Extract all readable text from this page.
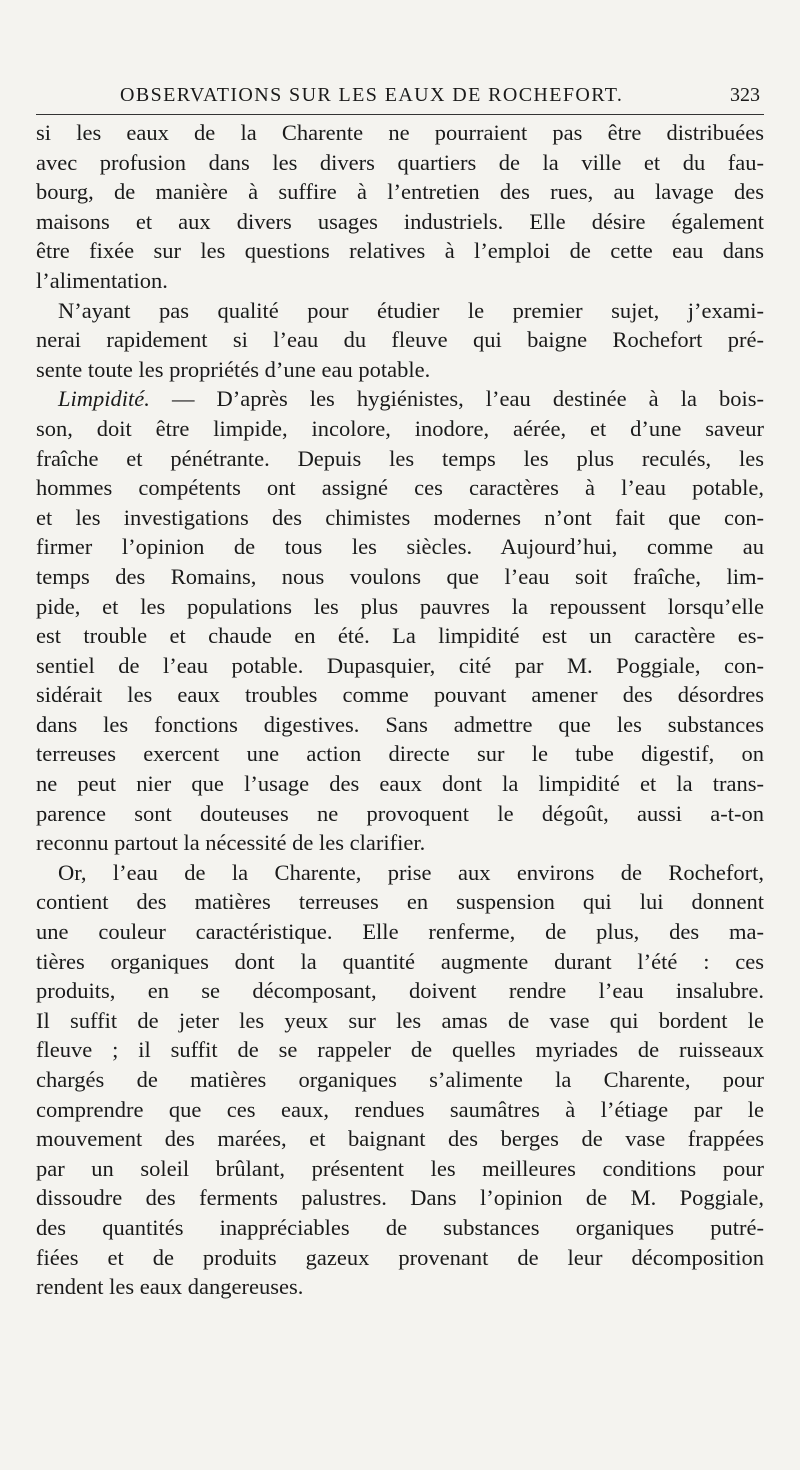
OBSERVATIONS SUR LES EAUX DE ROCHEFORT.	323
si les eaux de la Charente ne pourraient pas être distribuées
avec profusion dans les divers quartiers de la ville et du fau-
bourg, de manière à suffire à l’entretien des rues, au lavage des
maisons et aux divers usages industriels. Elle désire également
être fixée sur les questions relatives à l’emploi de cette eau dans
l’alimentation.
N’ayant pas qualité pour étudier le premier sujet, j’exami-
nerai rapidement si l’eau du fleuve qui baigne Rochefort pré-
sente toute les propriétés d’une eau potable.
Limpidité. — D’après les hygiénistes, l’eau destinée à la bois-
son, doit être limpide, incolore, inodore, aérée, et d’une saveur
fraîche et pénétrante. Depuis les temps les plus reculés, les
hommes compétents ont assigné ces caractères à l’eau potable,
et les investigations des chimistes modernes n’ont fait que con-
firmer l’opinion de tous les siècles. Aujourd’hui, comme au
temps des Romains, nous voulons que l’eau soit fraîche, lim-
pide, et les populations les plus pauvres la repoussent lorsqu’elle
est trouble et chaude en été. La limpidité est un caractère es-
sentiel de l’eau potable. Dupasquier, cité par M. Poggiale, con-
sidérait les eaux troubles comme pouvant amener des désordres
dans les fonctions digestives. Sans admettre que les substances
terreuses exercent une action directe sur le tube digestif, on
ne peut nier que l’usage des eaux dont la limpidité et la trans-
parence sont douteuses ne provoquent le dégoût, aussi a-t-on
reconnu partout la nécessité de les clarifier.
Or, l’eau de la Charente, prise aux environs de Rochefort,
contient des matières terreuses en suspension qui lui donnent
une couleur caractéristique. Elle renferme, de plus, des ma-
tières organiques dont la quantité augmente durant l’été : ces
produits, en se décomposant, doivent rendre l’eau insalubre.
Il suffit de jeter les yeux sur les amas de vase qui bordent le
fleuve ; il suffit de se rappeler de quelles myriades de ruisseaux
chargés de matières organiques s’alimente la Charente, pour
comprendre que ces eaux, rendues saumâtres à l’étiage par le
mouvement des marées, et baignant des berges de vase frappées
par un soleil brûlant, présentent les meilleures conditions pour
dissoudre des ferments palustres. Dans l’opinion de M. Poggiale,
des quantités inappréciables de substances organiques putré-
fiées et de produits gazeux provenant de leur décomposition
rendent les eaux dangereuses.
